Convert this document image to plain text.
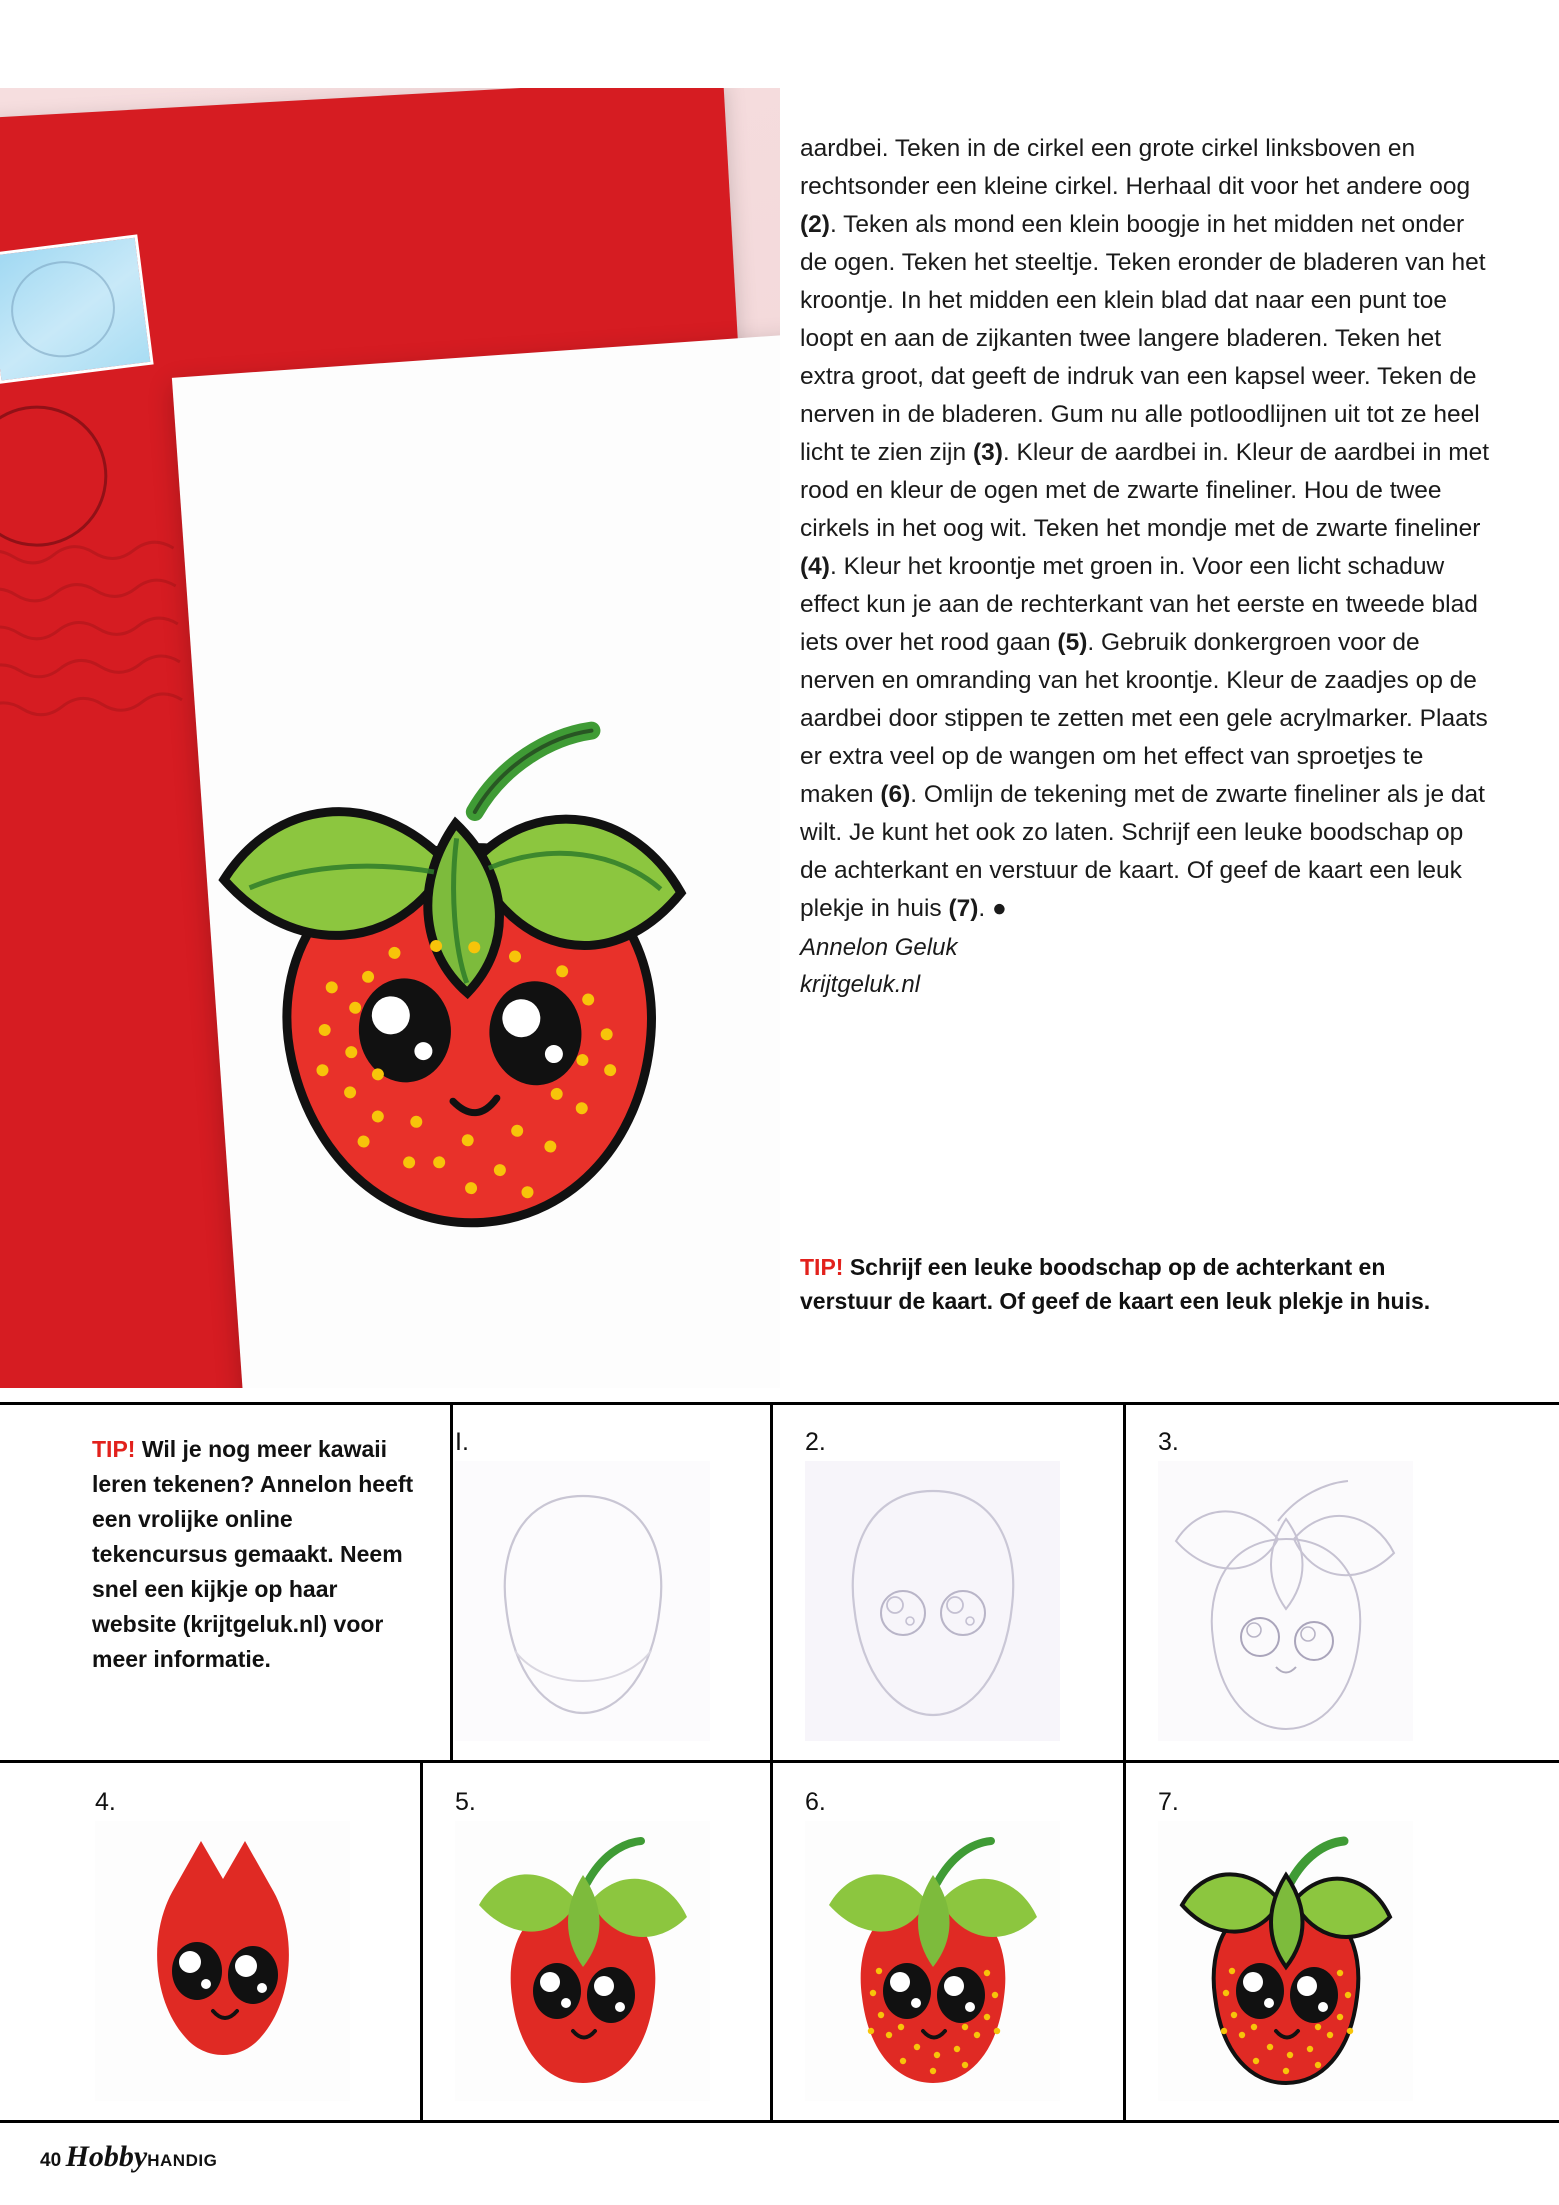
aardbei. Teken in de cirkel een grote cirkel linksboven en rechtsonder een kleine cirkel. Herhaal dit voor het andere oog (2). Teken als mond een klein boogje in het midden net onder de ogen. Teken het steeltje. Teken eronder de bladeren van het kroontje. In het midden een klein blad dat naar een punt toe loopt en aan de zijkanten twee langere bladeren. Teken het extra groot, dat geeft de indruk van een kapsel weer. Teken de nerven in de bladeren. Gum nu alle potloodlijnen uit tot ze heel licht te zien zijn (3). Kleur de aardbei in. Kleur de aardbei in met rood en kleur de ogen met de zwarte fineliner. Hou de twee cirkels in het oog wit. Teken het mondje met de zwarte fineliner (4). Kleur het kroontje met groen in. Voor een licht schaduw effect kun je aan de rechterkant van het eerste en tweede blad iets over het rood gaan (5). Gebruik donkergroen voor de nerven en omranding van het kroontje. Kleur de zaadjes op de aardbei door stippen te zetten met een gele acrylmarker. Plaats er extra veel op de wangen om het effect van sproetjes te maken (6). Omlijn de tekening met de zwarte fineliner als je dat wilt. Je kunt het ook zo laten. Schrijf een leuke boodschap op de achterkant en verstuur de kaart. Of geef de kaart een leuk plekje in huis (7). ●

Annelon Geluk
krijtgeluk.nl
TIP! Schrijf een leuke boodschap op de achterkant en verstuur de kaart. Of geef de kaart een leuk plekje in huis.
TIP! Wil je nog meer kawaii leren tekenen? Annelon heeft een vrolijke online tekencursus gemaakt. Neem snel een kijkje op haar website (krijtgeluk.nl) voor meer informatie.
I.	2.	3.
4.	5.	6.	7.
40 HobbyHANDIG
